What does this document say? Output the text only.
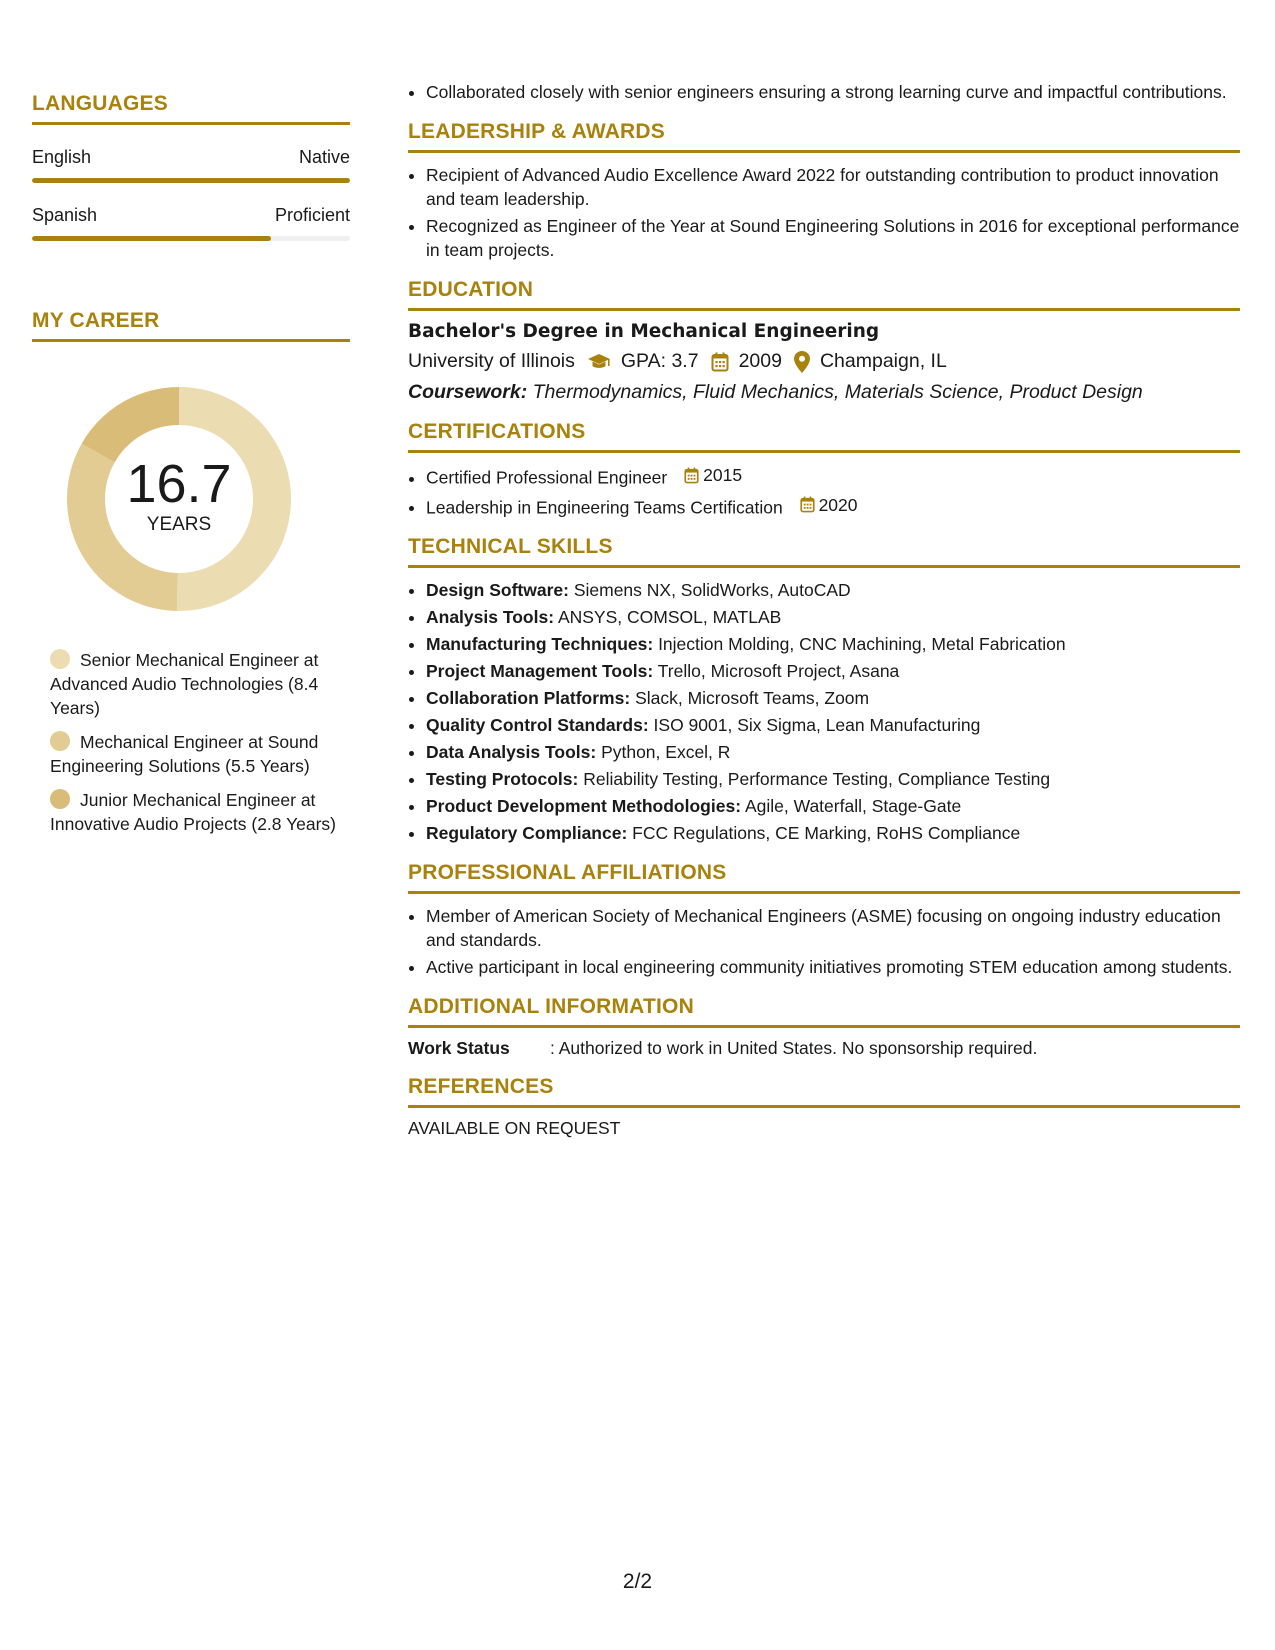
LANGUAGES
English	Native
Spanish	Proficient
MY CAREER
16.7
YEARS
Senior Mechanical Engineer at Advanced Audio Technologies (8.4 Years)
Mechanical Engineer at Sound Engineering Solutions (5.5 Years)
Junior Mechanical Engineer at Innovative Audio Projects (2.8 Years)
• Collaborated closely with senior engineers ensuring a strong learning curve and impactful contributions.
LEADERSHIP & AWARDS
• Recipient of Advanced Audio Excellence Award 2022 for outstanding contribution to product innovation and team leadership.
• Recognized as Engineer of the Year at Sound Engineering Solutions in 2016 for exceptional performance in team projects.
EDUCATION
Bachelor's Degree in Mechanical Engineering
University of Illinois GPA: 3.7 2009 Champaign, IL
Coursework: Thermodynamics, Fluid Mechanics, Materials Science, Product Design
CERTIFICATIONS
• Certified Professional Engineer 2015
• Leadership in Engineering Teams Certification 2020
TECHNICAL SKILLS
• Design Software: Siemens NX, SolidWorks, AutoCAD
• Analysis Tools: ANSYS, COMSOL, MATLAB
• Manufacturing Techniques: Injection Molding, CNC Machining, Metal Fabrication
• Project Management Tools: Trello, Microsoft Project, Asana
• Collaboration Platforms: Slack, Microsoft Teams, Zoom
• Quality Control Standards: ISO 9001, Six Sigma, Lean Manufacturing
• Data Analysis Tools: Python, Excel, R
• Testing Protocols: Reliability Testing, Performance Testing, Compliance Testing
• Product Development Methodologies: Agile, Waterfall, Stage-Gate
• Regulatory Compliance: FCC Regulations, CE Marking, RoHS Compliance
PROFESSIONAL AFFILIATIONS
• Member of American Society of Mechanical Engineers (ASME) focusing on ongoing industry education and standards.
• Active participant in local engineering community initiatives promoting STEM education among students.
ADDITIONAL INFORMATION
Work Status	: Authorized to work in United States. No sponsorship required.
REFERENCES
AVAILABLE ON REQUEST
2/2
